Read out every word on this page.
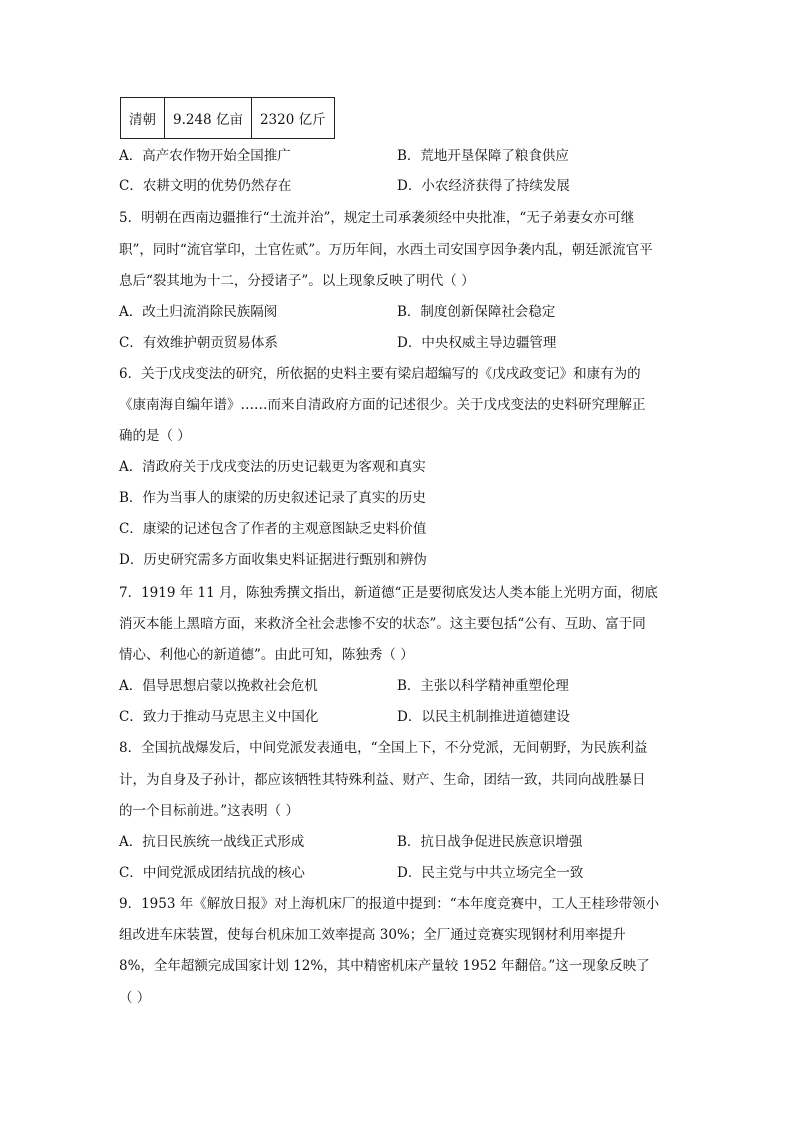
清朝	9.248 亿亩	2320 亿斤
A．高产农作物开始全国推广	B．荒地开垦保障了粮食供应
C．农耕文明的优势仍然存在	D．小农经济获得了持续发展
5．明朝在西南边疆推行“土流并治”，规定土司承袭须经中央批准，“无子弟妻女亦可继
职”，同时“流官掌印，土官佐贰”。万历年间，水西土司安国亨因争袭内乱，朝廷派流官平
息后“裂其地为十二，分授诸子”。以上现象反映了明代（ ）
A．改土归流消除民族隔阂	B．制度创新保障社会稳定
C．有效维护朝贡贸易体系	D．中央权威主导边疆管理
6．关于戊戌变法的研究，所依据的史料主要有梁启超编写的《戊戌政变记》和康有为的
《康南海自编年谱》……而来自清政府方面的记述很少。关于戊戌变法的史料研究理解正
确的是（ ）
A．清政府关于戊戌变法的历史记载更为客观和真实
B．作为当事人的康梁的历史叙述记录了真实的历史
C．康梁的记述包含了作者的主观意图缺乏史料价值
D．历史研究需多方面收集史料证据进行甄别和辨伪
7．1919 年 11 月，陈独秀撰文指出，新道德“正是要彻底发达人类本能上光明方面，彻底
消灭本能上黑暗方面，来救济全社会悲惨不安的状态”。这主要包括“公有、互助、富于同
情心、利他心的新道德”。由此可知，陈独秀（ ）
A．倡导思想启蒙以挽救社会危机	B．主张以科学精神重塑伦理
C．致力于推动马克思主义中国化	D．以民主机制推进道德建设
8．全国抗战爆发后，中间党派发表通电，“全国上下，不分党派，无间朝野，为民族利益
计，为自身及子孙计，都应该牺牲其特殊利益、财产、生命，团结一致，共同向战胜暴日
的一个目标前进。”这表明（ ）
A．抗日民族统一战线正式形成	B．抗日战争促进民族意识增强
C．中间党派成团结抗战的核心	D．民主党与中共立场完全一致
9．1953 年《解放日报》对上海机床厂的报道中提到：“本年度竞赛中，工人王桂珍带领小
组改进车床装置，使每台机床加工效率提高 30%；全厂通过竞赛实现钢材利用率提升
8%，全年超额完成国家计划 12%，其中精密机床产量较 1952 年翻倍。”这一现象反映了
（ ）
